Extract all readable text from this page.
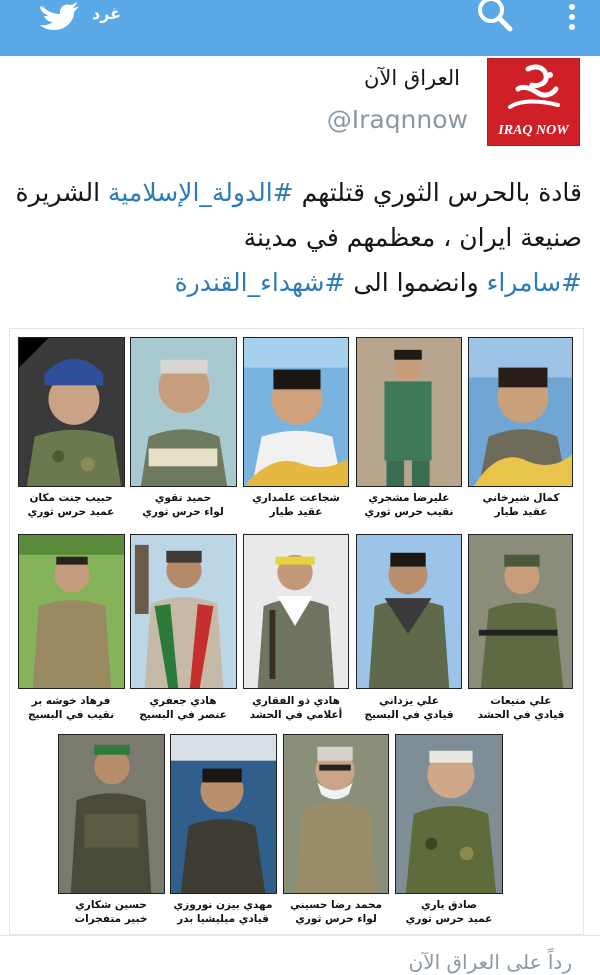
غرد
IRAQ NOW
العراق الآن
@Iraqnnow
قادة بالحرس الثوري قتلتهم #الدولة_الإسلامية الشريرة
صنيعة ايران ، معظمهم في مدينة
#سامراء وانضموا الى #شهداء_القندرة
كمال شيرخاني
عقيد طيار
عليرضا مشجري
نقيب حرس ثوري
شجاعت علمداري
عقيد طيار
حميد تقوي
لواء حرس ثوري
حبيب جنت مكان
عميد حرس ثوري
علي منيعات
قيادي في الحشد
علي يزداني
قيادي في البسيج
هادي ذو الفقاري
أعلامي في الحشد
هادي جعفري
عنصر في البسيج
فرهاد خوشه بر
نقيب في البسيج
صادق ياري
عميد حرس ثوري
محمد رضا حسيني
لواء حرس ثوري
مهدي بيزن نوروزي
قيادي ميليشيا بدر
حسين شكاري
خبير متفجرات
رداً على العراق الآن
